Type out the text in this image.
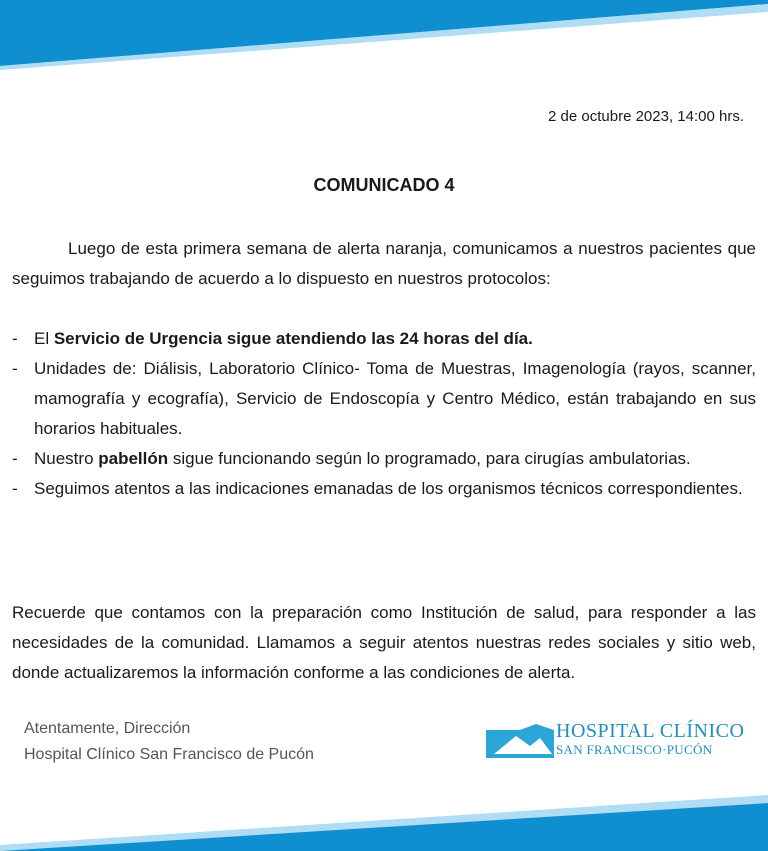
2 de octubre 2023, 14:00 hrs.
COMUNICADO 4

Luego de esta primera semana de alerta naranja, comunicamos a nuestros pacientes que seguimos trabajando de acuerdo a lo dispuesto en nuestros protocolos:

- El Servicio de Urgencia sigue atendiendo las 24 horas del día.
- Unidades de: Diálisis, Laboratorio Clínico- Toma de Muestras, Imagenología (rayos, scanner, mamografía y ecografía), Servicio de Endoscopía y Centro Médico, están trabajando en sus horarios habituales.
- Nuestro pabellón sigue funcionando según lo programado, para cirugías ambulatorias.
- Seguimos atentos a las indicaciones emanadas de los organismos técnicos correspondientes.

Recuerde que contamos con la preparación como Institución de salud, para responder a las necesidades de la comunidad. Llamamos a seguir atentos nuestras redes sociales y sitio web, donde actualizaremos la información conforme a las condiciones de alerta.

Atentamente, Dirección
Hospital Clínico San Francisco de Pucón
HOSPITAL CLÍNICO
SAN FRANCISCO·PUCÓN
